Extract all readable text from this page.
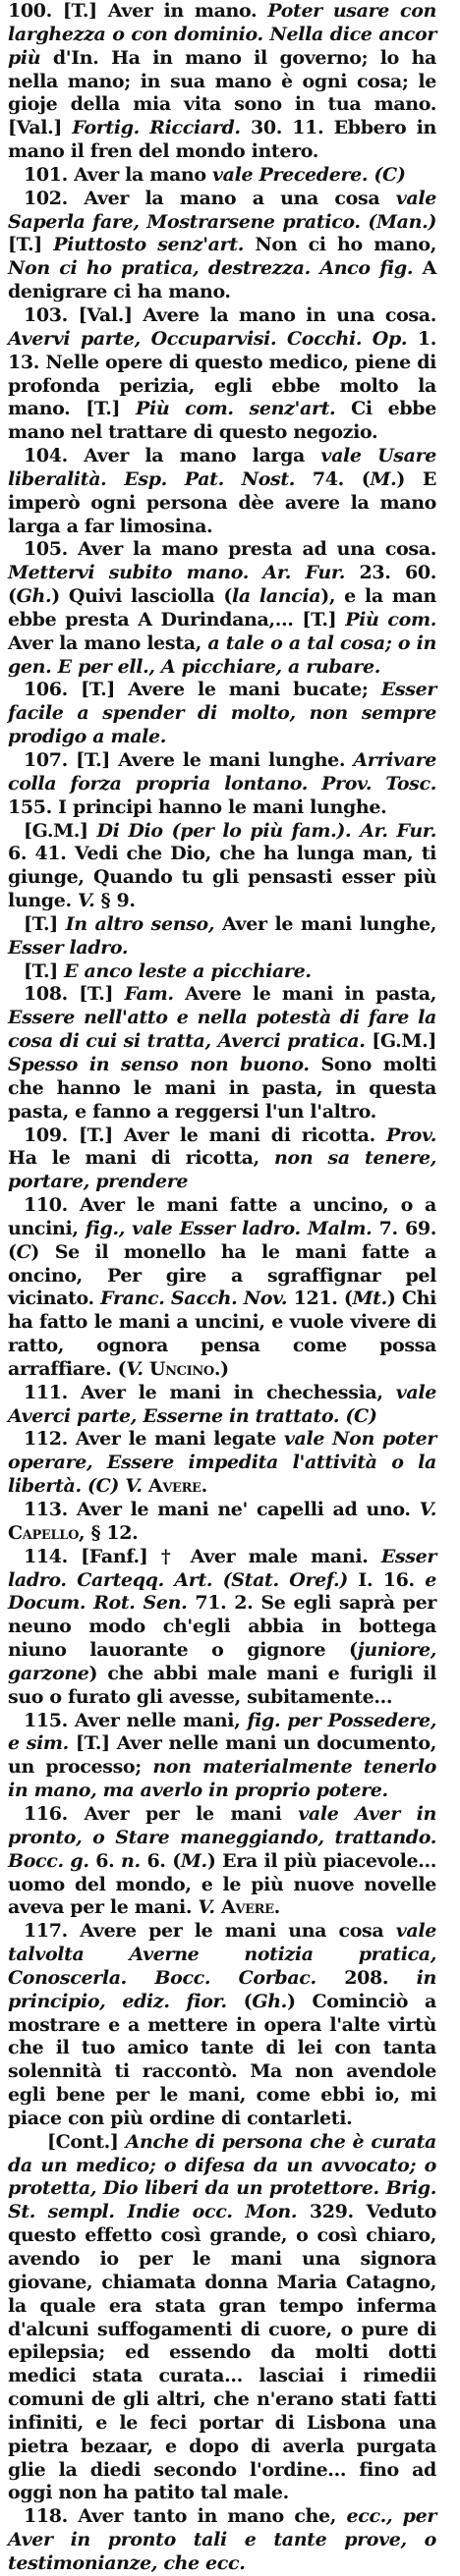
100. [T.] Aver in mano. Poter usare con larghezza o con dominio. Nella dice ancor più d'In. Ha in mano il governo; lo ha nella mano; in sua mano è ogni cosa; le gioje della mia vita sono in tua mano. [Val.] Fortig. Ricciard. 30. 11. Ebbero in mano il fren del mondo intero.

101. Aver la mano vale Precedere. (C)

102. Aver la mano a una cosa vale Saperla fare, Mostrarsene pratico. (Man.) [T.] Piuttosto senz'art. Non ci ho mano, Non ci ho pratica, destrezza. Anco fig. A denigrare ci ha mano.

103. [Val.] Avere la mano in una cosa. Avervi parte, Occuparvisi. Cocchi. Op. 1. 13. Nelle opere di questo medico, piene di profonda perizia, egli ebbe molto la mano. [T.] Più com. senz'art. Ci ebbe mano nel trattare di questo negozio.

104. Aver la mano larga vale Usare liberalità. Esp. Pat. Nost. 74. (M.) E imperò ogni persona dèe avere la mano larga a far limosina.

105. Aver la mano presta ad una cosa. Mettervi subito mano. Ar. Fur. 23. 60. (Gh.) Quivi lasciolla (la lancia), e la man ebbe presta A Durindana,... [T.] Più com. Aver la mano lesta, a tale o a tal cosa; o in gen. E per ell., A picchiare, a rubare.

106. [T.] Avere le mani bucate; Esser facile a spender di molto, non sempre prodigo a male.

107. [T.] Avere le mani lunghe. Arrivare colla forza propria lontano. Prov. Tosc. 155. I principi hanno le mani lunghe.

[G.M.] Di Dio (per lo più fam.). Ar. Fur. 6. 41. Vedi che Dio, che ha lunga man, ti giunge, Quando tu gli pensasti esser più lunge. V. § 9.

[T.] In altro senso, Aver le mani lunghe, Esser ladro.

[T.] E anco leste a picchiare.

108. [T.] Fam. Avere le mani in pasta, Essere nell'atto e nella potestà di fare la cosa di cui si tratta, Averci pratica. [G.M.] Spesso in senso non buono. Sono molti che hanno le mani in pasta, in questa pasta, e fanno a reggersi l'un l'altro.

109. [T.] Aver le mani di ricotta. Prov. Ha le mani di ricotta, non sa tenere, portare, prendere

110. Aver le mani fatte a uncino, o a uncini, fig., vale Esser ladro. Malm. 7. 69. (C) Se il monello ha le mani fatte a oncino, Per gire a sgraffignar pel vicinato. Franc. Sacch. Nov. 121. (Mt.) Chi ha fatto le mani a uncini, e vuole vivere di ratto, ognora pensa come possa arraffiare. (V. Uncino.)

111. Aver le mani in chechessia, vale Averci parte, Esserne in trattato. (C)

112. Aver le mani legate vale Non poter operare, Essere impedita l'attività o la libertà. (C) V. Avere.

113. Aver le mani ne' capelli ad uno. V. Capello, § 12.

114. [Fanf.] † Aver male mani. Esser ladro. Carteqq. Art. (Stat. Oref.) I. 16. e Docum. Rot. Sen. 71. 2. Se egli saprà per neuno modo ch'egli abbia in bottega niuno lauorante o gignore (juniore, garzone) che abbi male mani e furigli il suo o furato gli avesse, subitamente...

115. Aver nelle mani, fig. per Possedere, e sim. [T.] Aver nelle mani un documento, un processo; non materialmente tenerlo in mano, ma averlo in proprio potere.

116. Aver per le mani vale Aver in pronto, o Stare maneggiando, trattando. Bocc. g. 6. n. 6. (M.) Era il più piacevole... uomo del mondo, e le più nuove novelle aveva per le mani. V. Avere.

117. Avere per le mani una cosa vale talvolta Averne notizia pratica, Conoscerla. Bocc. Corbac. 208. in principio, ediz. fior. (Gh.) Cominciò a mostrare e a mettere in opera l'alte virtù che il tuo amico tante di lei con tanta solennità ti raccontò. Ma non avendole egli bene per le mani, come ebbi io, mi piace con più ordine di contarleti.

[Cont.] Anche di persona che è curata da un medico; o difesa da un avvocato; o protetta, Dio liberi da un protettore. Brig. St. sempl. Indie occ. Mon. 329. Veduto questo effetto così grande, o così chiaro, avendo io per le mani una signora giovane, chiamata donna Maria Catagno, la quale era stata gran tempo inferma d'alcuni suffogamenti di cuore, o pure di epilepsia; ed essendo da molti dotti medici stata curata... lasciai i rimedii comuni de gli altri, che n'erano stati fatti infiniti, e le feci portar di Lisbona una pietra bezaar, e dopo di averla purgata glie la diedi secondo l'ordine... fino ad oggi non ha patito tal male.

118. Aver tanto in mano che, ecc., per Aver in pronto tali e tante prove, o testimonianze, che ecc.
